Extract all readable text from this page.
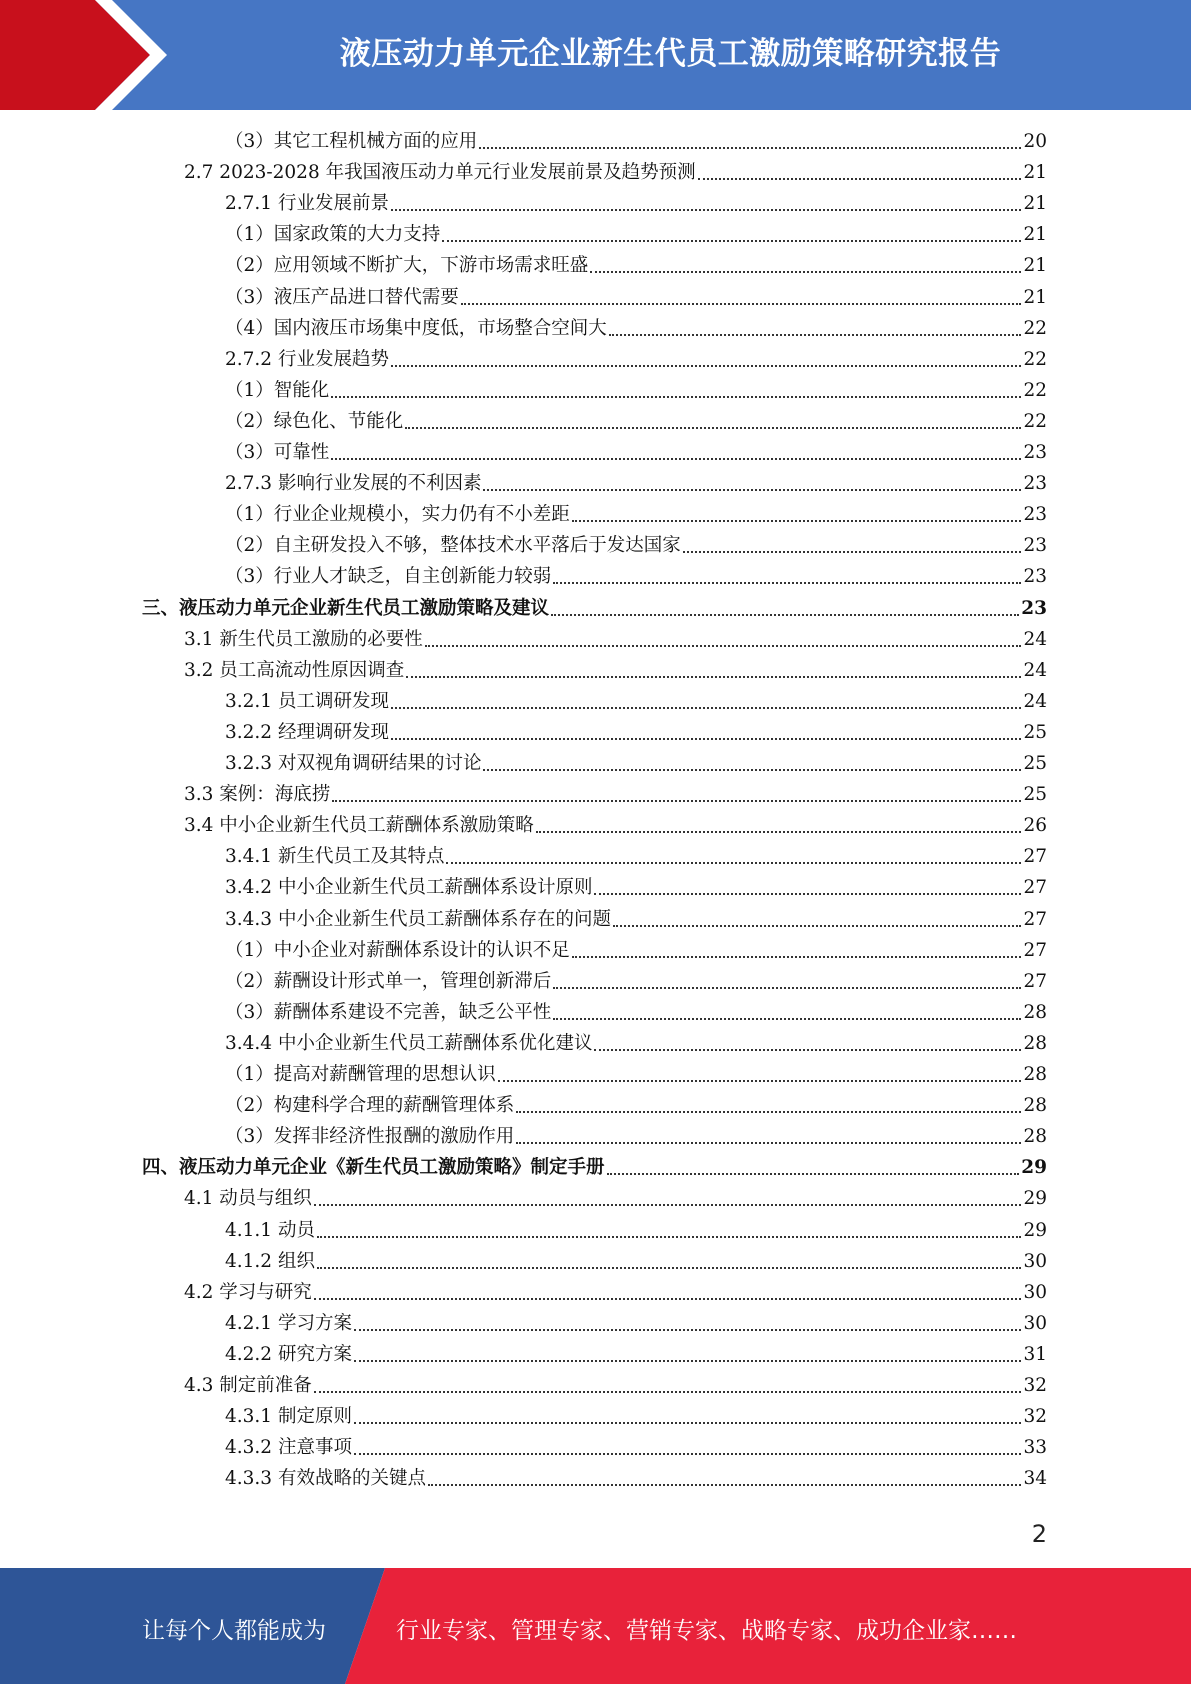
液压动力单元企业新生代员工激励策略研究报告
（3）其它工程机械方面的应用	20
2.7 2023-2028 年我国液压动力单元行业发展前景及趋势预测	21
2.7.1 行业发展前景	21
（1）国家政策的大力支持	21
（2）应用领域不断扩大，下游市场需求旺盛	21
（3）液压产品进口替代需要	21
（4）国内液压市场集中度低，市场整合空间大	22
2.7.2 行业发展趋势	22
（1）智能化	22
（2）绿色化、节能化	22
（3）可靠性	23
2.7.3 影响行业发展的不利因素	23
（1）行业企业规模小，实力仍有不小差距	23
（2）自主研发投入不够，整体技术水平落后于发达国家	23
（3）行业人才缺乏，自主创新能力较弱	23
三、液压动力单元企业新生代员工激励策略及建议	23
3.1 新生代员工激励的必要性	24
3.2 员工高流动性原因调查	24
3.2.1 员工调研发现	24
3.2.2 经理调研发现	25
3.2.3 对双视角调研结果的讨论	25
3.3 案例：海底捞	25
3.4 中小企业新生代员工薪酬体系激励策略	26
3.4.1 新生代员工及其特点	27
3.4.2 中小企业新生代员工薪酬体系设计原则	27
3.4.3 中小企业新生代员工薪酬体系存在的问题	27
（1）中小企业对薪酬体系设计的认识不足	27
（2）薪酬设计形式单一，管理创新滞后	27
（3）薪酬体系建设不完善，缺乏公平性	28
3.4.4 中小企业新生代员工薪酬体系优化建议	28
（1）提高对薪酬管理的思想认识	28
（2）构建科学合理的薪酬管理体系	28
（3）发挥非经济性报酬的激励作用	28
四、液压动力单元企业《新生代员工激励策略》制定手册	29
4.1 动员与组织	29
4.1.1 动员	29
4.1.2 组织	30
4.2 学习与研究	30
4.2.1 学习方案	30
4.2.2 研究方案	31
4.3 制定前准备	32
4.3.1 制定原则	32
4.3.2 注意事项	33
4.3.3 有效战略的关键点	34
2
让每个人都能成为	行业专家、管理专家、营销专家、战略专家、成功企业家……
